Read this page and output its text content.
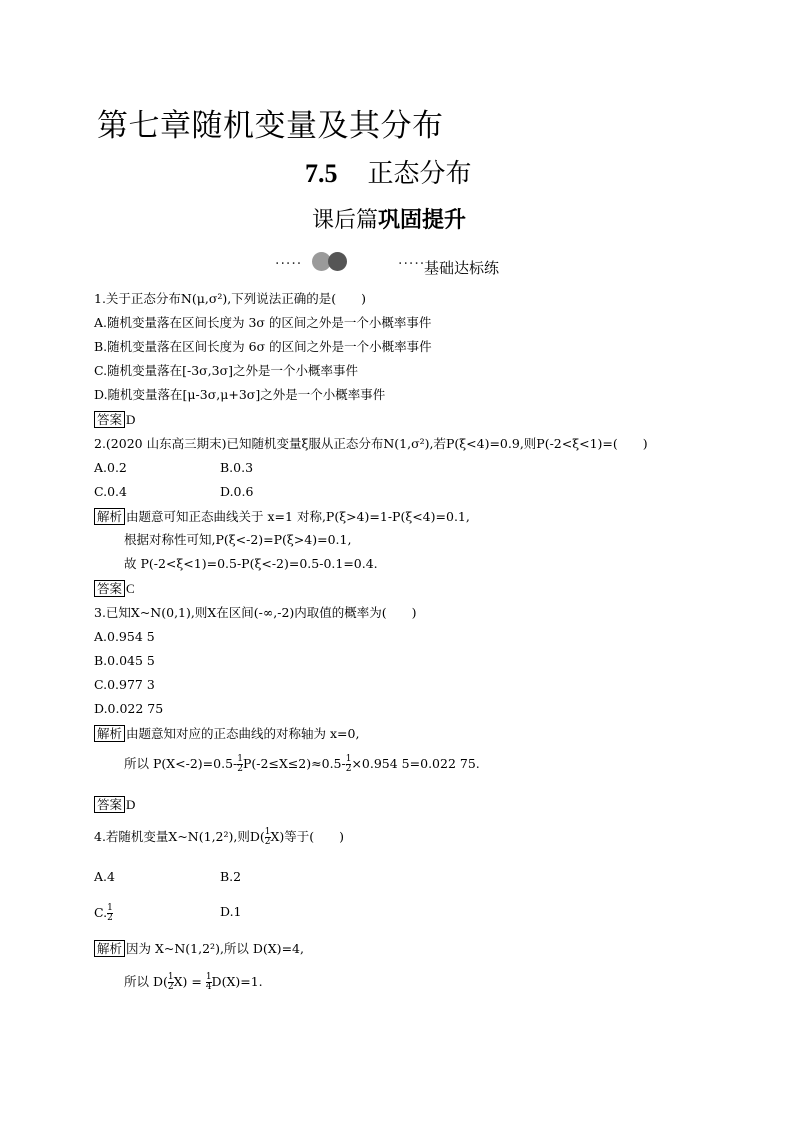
第七章随机变量及其分布
7.5 正态分布
课后篇巩固提升
·····	·····
基础达标练
1.关于正态分布N(μ,σ²),下列说法正确的是(　　)
A.随机变量落在区间长度为 3σ 的区间之外是一个小概率事件
B.随机变量落在区间长度为 6σ 的区间之外是一个小概率事件
C.随机变量落在[-3σ,3σ]之外是一个小概率事件
D.随机变量落在[μ-3σ,μ+3σ]之外是一个小概率事件
答案 D
2.(2020 山东高三期末)已知随机变量ξ服从正态分布N(1,σ²),若P(ξ<4)=0.9,则P(-2<ξ<1)=(　　)
A.0.2	B.0.3
C.0.4	D.0.6
解析 由题意可知正态曲线关于 x=1 对称,P(ξ>4)=1-P(ξ<4)=0.1,
根据对称性可知,P(ξ<-2)=P(ξ>4)=0.1,
故 P(-2<ξ<1)=0.5-P(ξ<-2)=0.5-0.1=0.4.
答案 C
3.已知X~N(0,1),则X在区间(-∞,-2)内取值的概率为(　　)
A.0.954 5
B.0.045 5
C.0.977 3
D.0.022 75
解析 由题意知对应的正态曲线的对称轴为 x=0,
所以 $P(X<-2)=0.5- \frac{1}{2} P(-2\le X\le 2)\approx 0.5- \frac{1}{2} \times 0.954$ 5=0.022 75.
答案 D
4.若随机变量X~N(1,2²),则$D( \frac{1}{2} X)$等于(　　)
A.4	B.2
C. $\frac{1}{2}$	D.1
解析 因为 X~N(1,2²),所以 D(X)=4,
所以 $D( \frac{1}{2} X) = \frac{1}{4} D(X)=1$.
